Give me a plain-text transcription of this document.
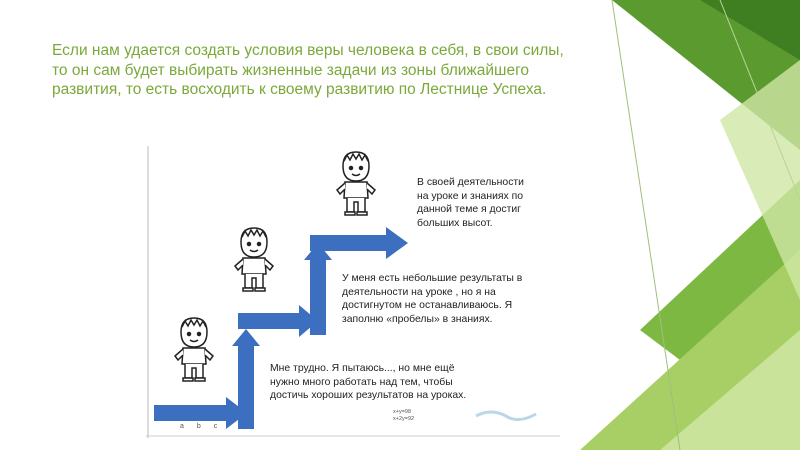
Если нам удается создать условия веры человека в себя, в свои силы,
то он сам будет выбирать жизненные задачи из зоны ближайшего
развития, то есть восходить к своему развитию по Лестнице Успеха.
В своей деятельности
на уроке и знаниях по
данной теме я достиг
больших высот.
У меня есть небольшие результаты в
деятельности на уроке , но я на
достигнутом не останавливаюсь. Я
заполню «пробелы» в знаниях.
Мне трудно. Я пытаюсь..., но мне ещё
нужно много работать над тем, чтобы
достичь хороших результатов на уроках.
x+y=98
x+2y=92
a b c
